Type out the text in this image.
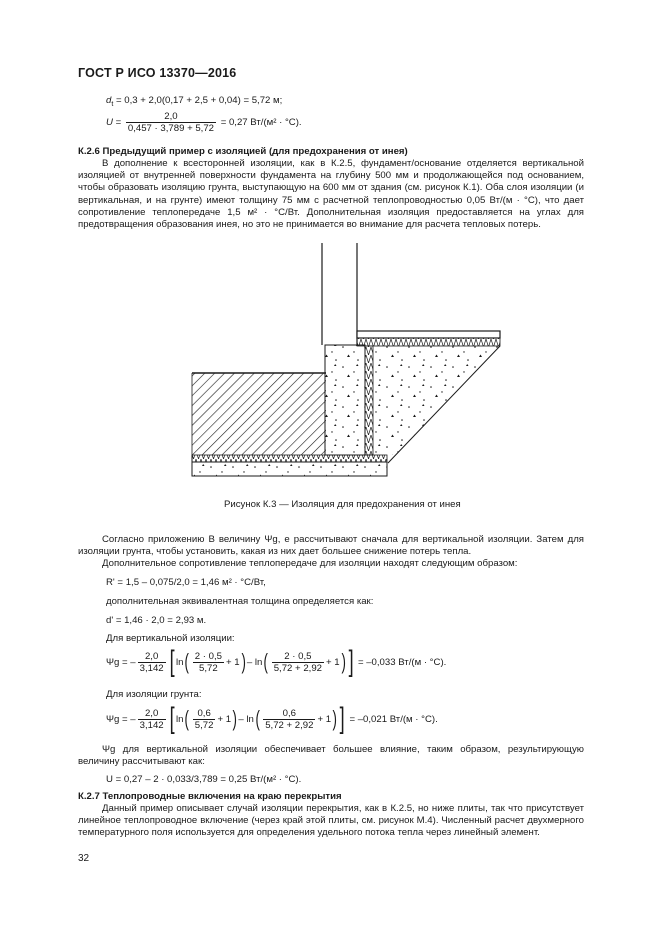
ГОСТ Р ИСО 13370—2016
$d_t = 0,3 + 2,0(0,17 + 2,5 + 0,04) = 5,72$ м;
$U = \frac{2,0}{0,457 \cdot 3,789 + 5,72}$
= 0,27 Вт/(м² · °С).
К.2.6 Предыдущий пример с изоляцией (для предохранения от инея)
В дополнение к всесторонней изоляции, как в К.2.5, фундамент/основание отделяется вертикальной изоляцией от внутренней поверхности фундамента на глубину 500 мм и продолжающейся под основанием, чтобы образовать изоляцию грунта, выступающую на 600 мм от здания (см. рисунок К.1). Оба слоя изоляции (и вертикальная, и на грунте) имеют толщину 75 мм с расчетной теплопроводностью 0,05 Вт/(м · °С), что дает сопротивление теплопередаче 1,5 м² · °С/Вт. Дополнительная изоляция предоставляется на углах для предотвращения образования инея, но это не принимается во внимание для расчета тепловых потерь.
Рисунок К.3 — Изоляция для предохранения от инея
Согласно приложению В величину Ψg, e рассчитывают сначала для вертикальной изоляции. Затем для изоляции грунта, чтобы установить, какая из них дает большее снижение потерь тепла.
Дополнительное сопротивление теплопередаче для изоляции находят следующим образом:
R' = 1,5 – 0,075/2,0 = 1,46 м² · °С/Вт,
дополнительная эквивалентная толщина определяется как:
d' = 1,46 · 2,0 = 2,93 м.
Для вертикальной изоляции:
Ψg = – $\frac{2,0}{3,142}$ [ ln ( $\frac{2 \cdot 0,5}{5,72} + 1$ ) – ln ( $\frac{2 \cdot 0,5}{5,72 + 2,92} + 1$ ) ]
= –0,033 Вт/(м · °С).
Для изоляции грунта:
Ψg = – $\frac{2,0}{3,142}$ [ ln ( $\frac{0,6}{5,72} + 1$ ) – ln ( $\frac{0,6}{5,72 + 2,92} + 1$ ) ]
= –0,021 Вт/(м · °С).
Ψg для вертикальной изоляции обеспечивает большее влияние, таким образом, результирующую величину рассчитывают как:
U = 0,27 – 2 · 0,033/3,789 = 0,25 Вт/(м² · °С).
К.2.7 Теплопроводные включения на краю перекрытия
Данный пример описывает случай изоляции перекрытия, как в К.2.5, но ниже плиты, так что присутствует линейное теплопроводное включение (через край этой плиты, см. рисунок М.4). Численный расчет двухмерного температурного поля используется для определения удельного потока тепла через линейный элемент.
32
